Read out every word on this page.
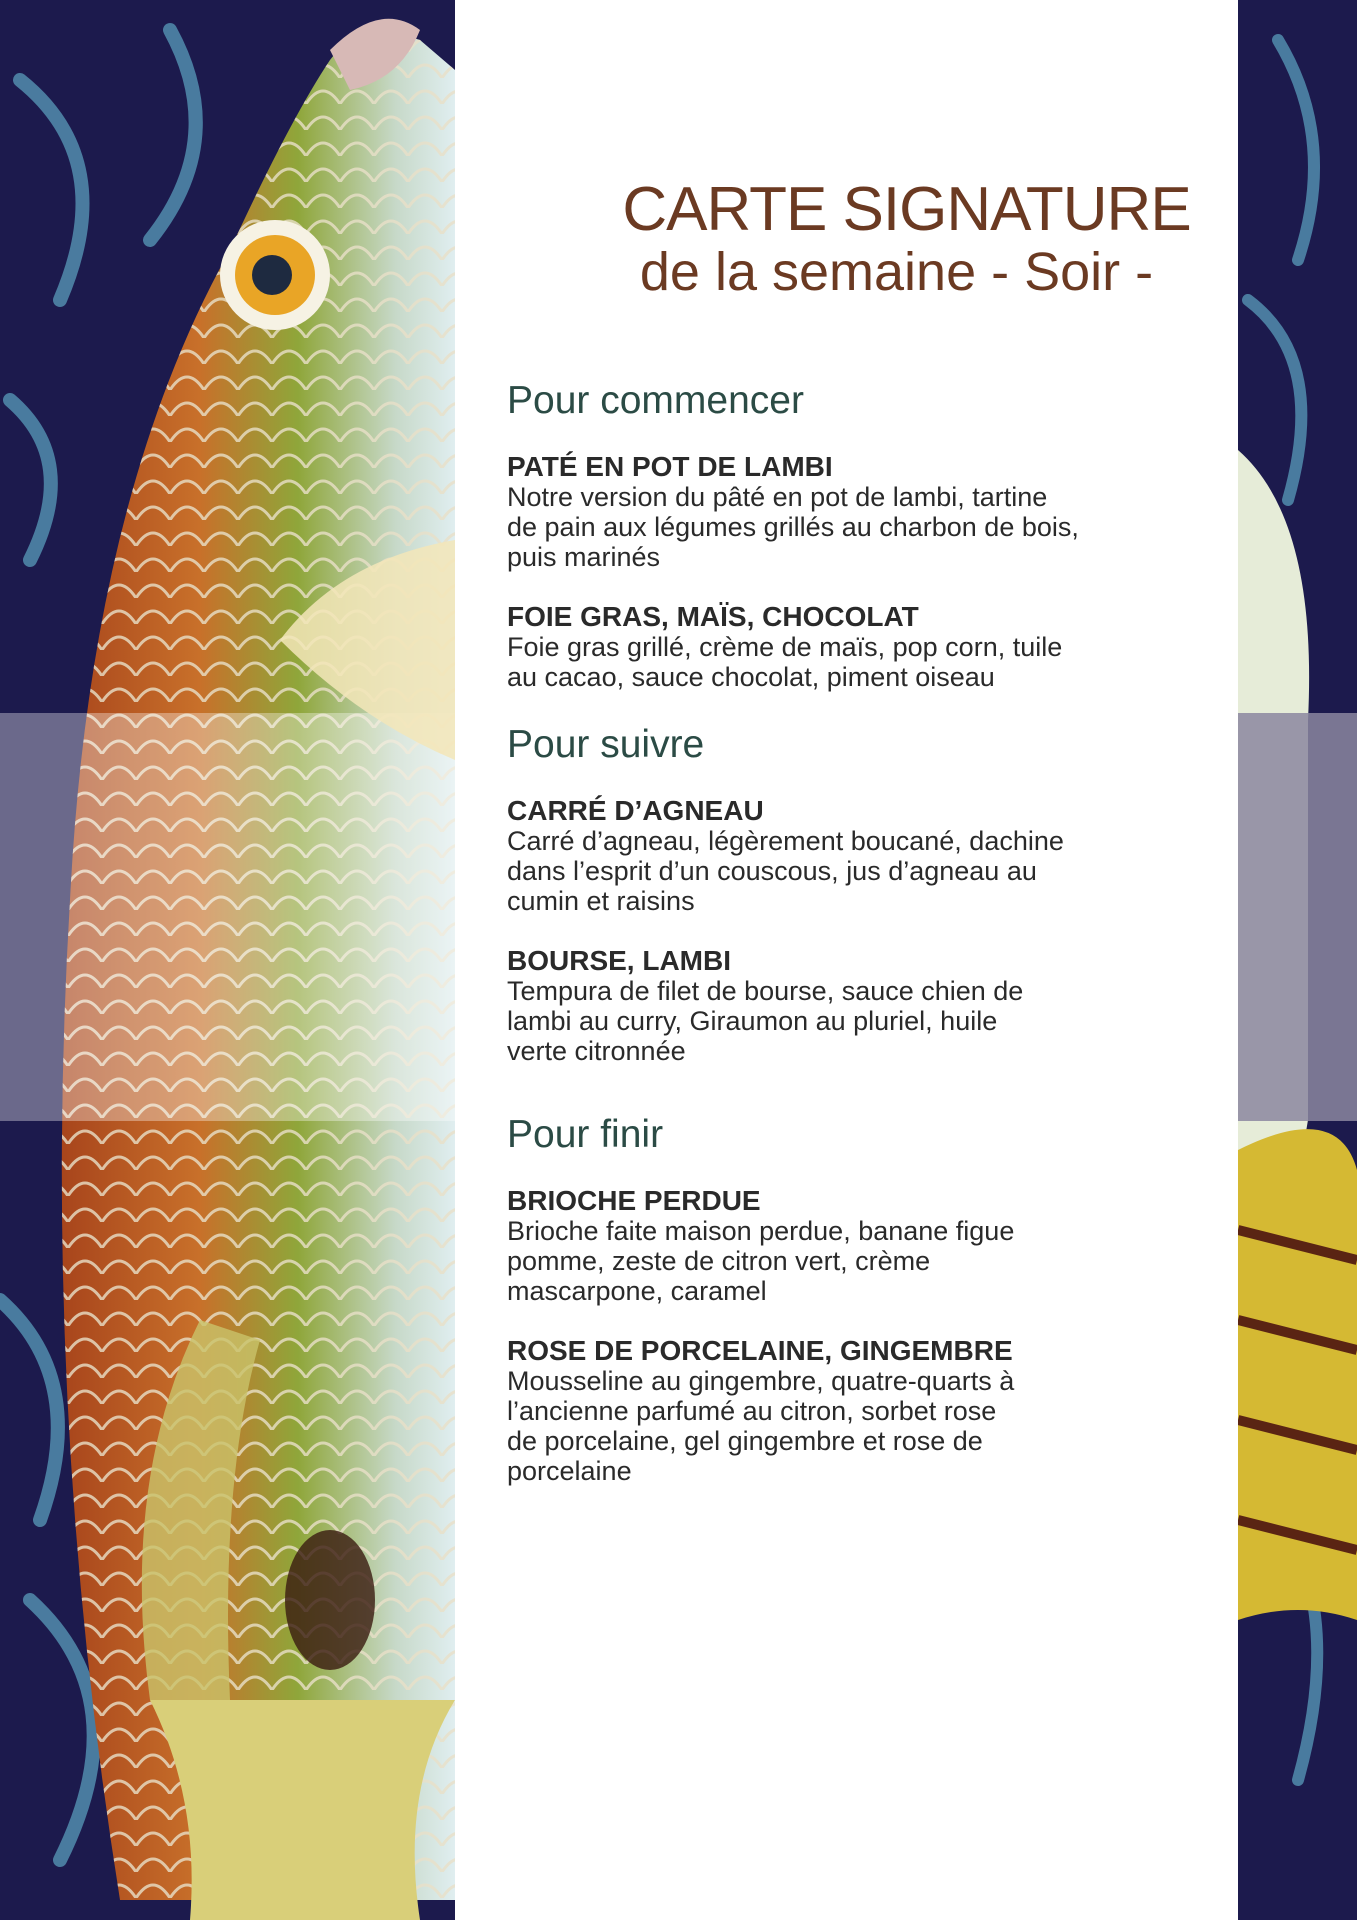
CARTE SIGNATURE
de la semaine - Soir -
Pour commencer
PATÉ EN POT DE LAMBI
Notre version du pâté en pot de lambi, tartine
de pain aux légumes grillés au charbon de bois,
puis marinés
FOIE GRAS, MAÏS, CHOCOLAT
Foie gras grillé, crème de maïs, pop corn, tuile
au cacao, sauce chocolat, piment oiseau
Pour suivre
CARRÉ D’AGNEAU
Carré d’agneau, légèrement boucané, dachine
dans l’esprit d’un couscous, jus d’agneau au
cumin et raisins
BOURSE, LAMBI
Tempura de filet de bourse, sauce chien de
lambi au curry, Giraumon au pluriel, huile
verte citronnée
Pour finir
BRIOCHE PERDUE
Brioche faite maison perdue, banane figue
pomme, zeste de citron vert, crème
mascarpone, caramel
ROSE DE PORCELAINE, GINGEMBRE
Mousseline au gingembre, quatre-quarts à
l’ancienne parfumé au citron, sorbet rose
de porcelaine, gel gingembre et rose de
porcelaine
